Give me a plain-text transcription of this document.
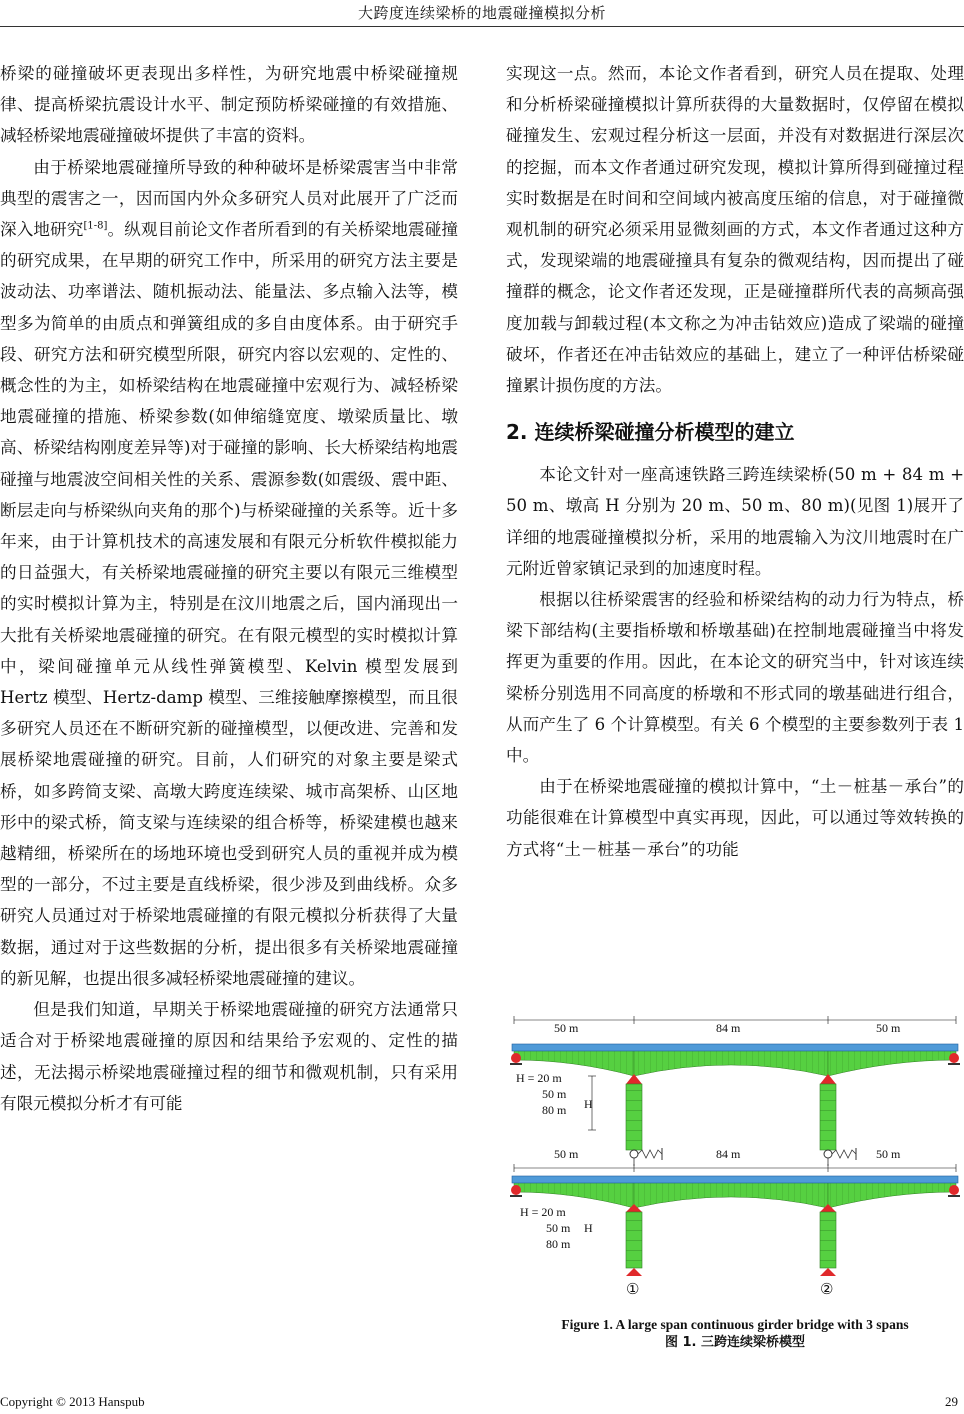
大跨度连续梁桥的地震碰撞模拟分析

桥梁的碰撞破坏更表现出多样性，为研究地震中桥梁碰撞规律、提高桥梁抗震设计水平、制定预防桥梁碰撞的有效措施、减轻桥梁地震碰撞破坏提供了丰富的资料。

由于桥梁地震碰撞所导致的种种破坏是桥梁震害当中非常典型的震害之一，因而国内外众多研究人员对此展开了广泛而深入地研究[1-8]。纵观目前论文作者所看到的有关桥梁地震碰撞的研究成果，在早期的研究工作中，所采用的研究方法主要是波动法、功率谱法、随机振动法、能量法、多点输入法等，模型多为简单的由质点和弹簧组成的多自由度体系。由于研究手段、研究方法和研究模型所限，研究内容以宏观的、定性的、概念性的为主，如桥梁结构在地震碰撞中宏观行为、减轻桥梁地震碰撞的措施、桥梁参数(如伸缩缝宽度、墩梁质量比、墩高、桥梁结构刚度差异等)对于碰撞的影响、长大桥梁结构地震碰撞与地震波空间相关性的关系、震源参数(如震级、震中距、断层走向与桥梁纵向夹角的那个)与桥梁碰撞的关系等。近十多年来，由于计算机技术的高速发展和有限元分析软件模拟能力的日益强大，有关桥梁地震碰撞的研究主要以有限元三维模型的实时模拟计算为主，特别是在汶川地震之后，国内涌现出一大批有关桥梁地震碰撞的研究。在有限元模型的实时模拟计算中，梁间碰撞单元从线性弹簧模型、Kelvin 模型发展到 Hertz 模型、Hertz-damp 模型、三维接触摩擦模型，而且很多研究人员还在不断研究新的碰撞模型，以便改进、完善和发展桥梁地震碰撞的研究。目前，人们研究的对象主要是梁式桥，如多跨简支梁、高墩大跨度连续梁、城市高架桥、山区地形中的梁式桥，简支梁与连续梁的组合桥等，桥梁建模也越来越精细，桥梁所在的场地环境也受到研究人员的重视并成为模型的一部分，不过主要是直线桥梁，很少涉及到曲线桥。众多研究人员通过对于桥梁地震碰撞的有限元模拟分析获得了大量数据，通过对于这些数据的分析，提出很多有关桥梁地震碰撞的新见解，也提出很多减轻桥梁地震碰撞的建议。

但是我们知道，早期关于桥梁地震碰撞的研究方法通常只适合对于桥梁地震碰撞的原因和结果给予宏观的、定性的描述，无法揭示桥梁地震碰撞过程的细节和微观机制，只有采用有限元模拟分析才有可能

实现这一点。然而，本论文作者看到，研究人员在提取、处理和分析桥梁碰撞模拟计算所获得的大量数据时，仅停留在模拟碰撞发生、宏观过程分析这一层面，并没有对数据进行深层次的挖掘，而本文作者通过研究发现，模拟计算所得到碰撞过程实时数据是在时间和空间域内被高度压缩的信息，对于碰撞微观机制的研究必须采用显微刻画的方式，本文作者通过这种方式，发现梁端的地震碰撞具有复杂的微观结构，因而提出了碰撞群的概念，论文作者还发现，正是碰撞群所代表的高频高强度加载与卸载过程(本文称之为冲击钻效应)造成了梁端的碰撞破坏，作者还在冲击钻效应的基础上，建立了一种评估桥梁碰撞累计损伤度的方法。

2. 连续桥梁碰撞分析模型的建立

本论文针对一座高速铁路三跨连续梁桥(50 m + 84 m + 50 m、墩高 H 分别为 20 m、50 m、80 m)(见图 1)展开了详细的地震碰撞模拟分析，采用的地震输入为汶川地震时在广元附近曾家镇记录到的加速度时程。

根据以往桥梁震害的经验和桥梁结构的动力行为特点，桥梁下部结构(主要指桥墩和桥墩基础)在控制地震碰撞当中将发挥更为重要的作用。因此，在本论文的研究当中，针对该连续梁桥分别选用不同高度的桥墩和不形式同的墩基础进行组合，从而产生了 6 个计算模型。有关 6 个模型的主要参数列于表 1 中。

由于在桥梁地震碰撞的模拟计算中，“土－桩基－承台”的功能很难在计算模型中真实再现，因此，可以通过等效转换的方式将“土－桩基－承台”的功能

50 m	84 m	50 m
H = 20 m
50 m
80 m H
50 m	84 m	50 m
H = 20 m
50 m
80 m
H
①	②
Figure 1. A large span continuous girder bridge with 3 spans
图 1. 三跨连续梁桥模型
Copyright © 2013 Hanspub	29
